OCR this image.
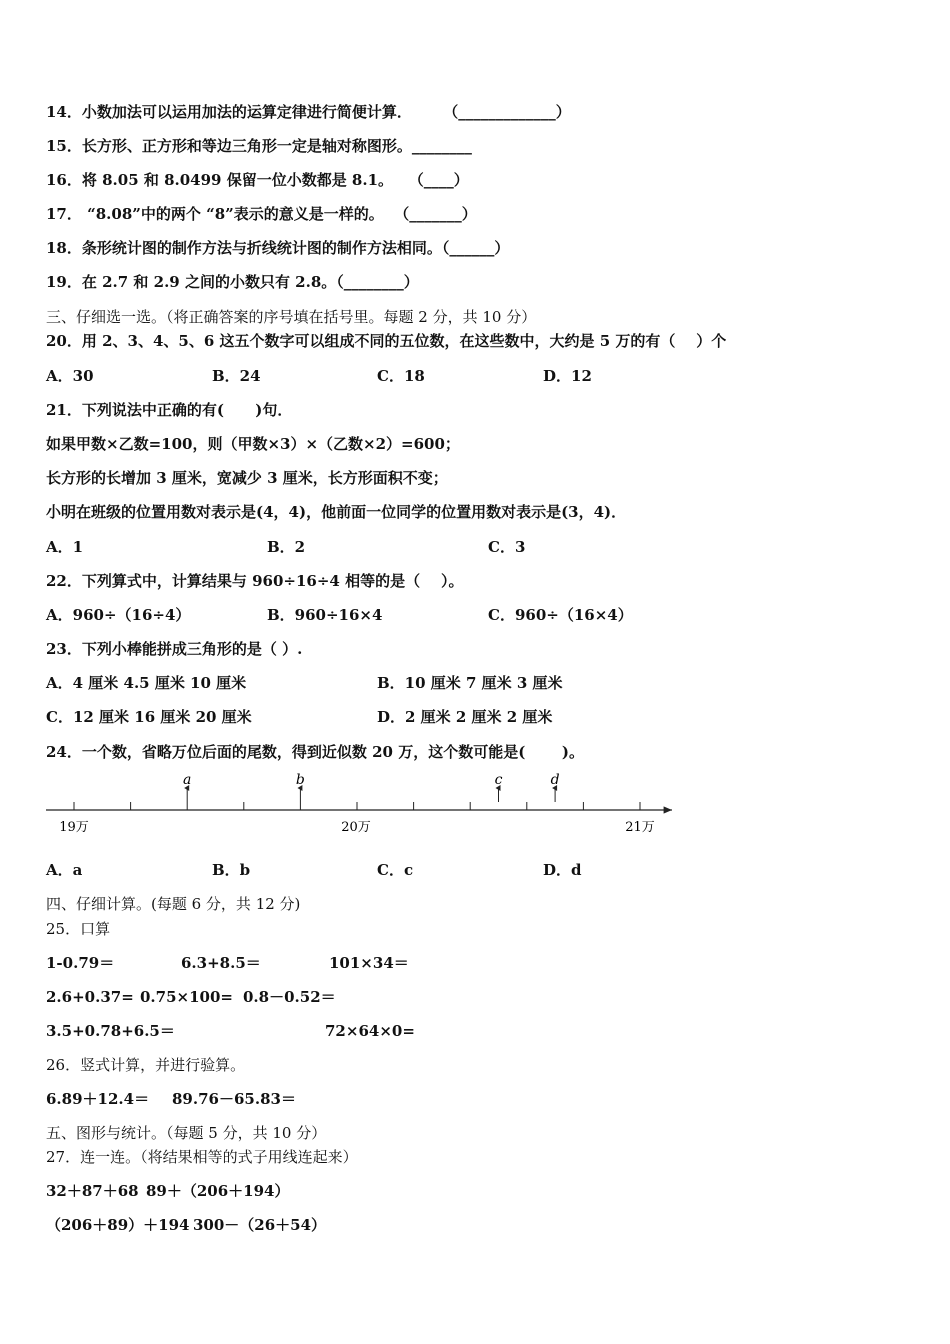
14．小数加法可以运用加法的运算定律进行简便计算．      （_____________）
15．长方形、正方形和等边三角形一定是轴对称图形。________
16．将 8.05 和 8.0499 保留一位小数都是 8.1。   （____）
17． “8.08”中的两个 “8”表示的意义是一样的。  （_______）
18．条形统计图的制作方法与折线统计图的制作方法相同。（______）
19．在 2.7 和 2.9 之间的小数只有 2.8。（________）
三、仔细选一选。（将正确答案的序号填在括号里。每题 2 分，共 10 分）
20．用 2、3、4、5、6 这五个数字可以组成不同的五位数，在这些数中，大约是 5 万的有（    ）个
A．30	B．24	C．18	D．12
21．下列说法中正确的有(      )句．
如果甲数×乙数=100，则（甲数×3）×（乙数×2）=600；
长方形的长增加 3 厘米，宽减少 3 厘米，长方形面积不变；
小明在班级的位置用数对表示是(4，4)，他前面一位同学的位置用数对表示是(3，4)．
A．1	B．2	C．3
22．下列算式中，计算结果与 960÷16÷4 相等的是（    ）。
A．960÷（16÷4）	B．960÷16×4	C．960÷（16×4）
23．下列小棒能拼成三角形的是（ ）.
A．4 厘米 4.5 厘米 10 厘米	B．10 厘米 7 厘米 3 厘米
C．12 厘米 16 厘米 20 厘米	D．2 厘米 2 厘米 2 厘米
24．一个数，省略万位后面的尾数，得到近似数 20 万，这个数可能是(       )。
a	b	c	d
19万	20万	21万
A．a	B．b	C．c	D．d
四、仔细计算。(每题 6 分，共 12 分)
25．口算
1-0.79＝	6.3+8.5＝	101×34＝
2.6+0.37= 0.75×100= 0.8－0.52＝
3.5+0.78+6.5＝	72×64×0=
26．竖式计算，并进行验算。
6.89＋12.4＝ 89.76－65.83＝
五、图形与统计。（每题 5 分，共 10 分）
27．连一连。（将结果相等的式子用线连起来）
32＋87＋68 89＋（206＋194）
（206＋89）＋194 300－（26＋54）
